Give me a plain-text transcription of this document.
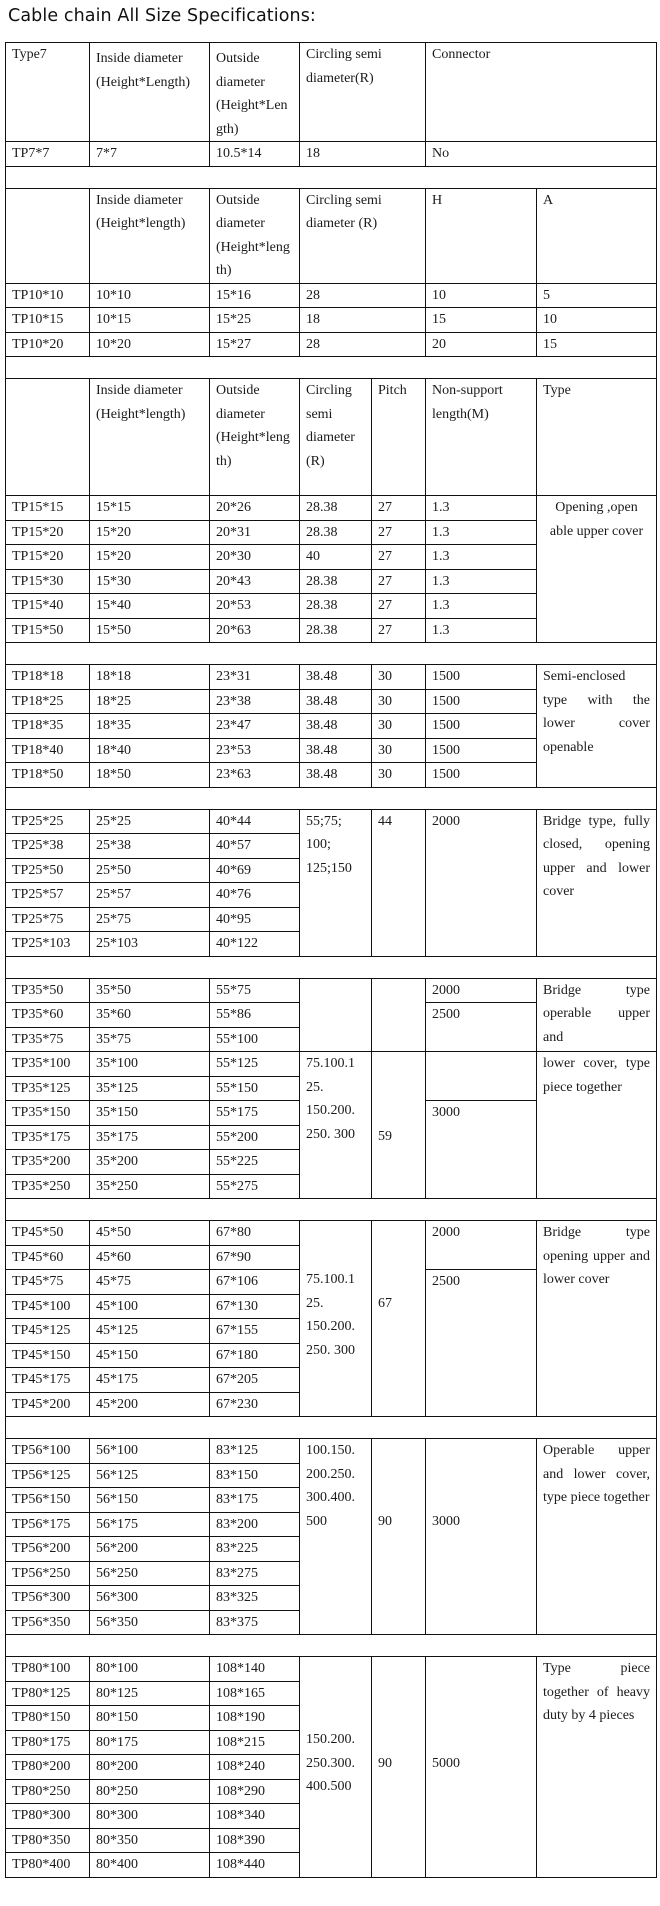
Cable chain All Size Specifications:
Type7	Inside diameter (Height*Length)	Outside diameter (Height*Length)	Circling semi diameter(R)		Connector	
TP7*7	7*7	10.5*14	18		No	

	Inside diameter (Height*length)	Outside diameter (Height*length)	Circling semi diameter (R)		H	A
TP10*10	10*10	15*16	28		10	5
TP10*15	10*15	15*25	18		15	10
TP10*20	10*20	15*27	28		20	15

	Inside diameter (Height*length)	Outside diameter (Height*length)	Circling semi diameter (R)	Pitch	Non-support length(M)	Type
TP15*15	15*15	20*26	28.38	27	1.3	Opening ,open able upper cover
TP15*20	15*20	20*31	28.38	27	1.3	
TP15*20	15*20	20*30	40	27	1.3	
TP15*30	15*30	20*43	28.38	27	1.3	
TP15*40	15*40	20*53	28.38	27	1.3	
TP15*50	15*50	20*63	28.38	27	1.3	

TP18*18	18*18	23*31	38.48	30	1500	Semi-enclosed type with the lower cover openable
TP18*25	18*25	23*38	38.48	30	1500	
TP18*35	18*35	23*47	38.48	30	1500	
TP18*40	18*40	23*53	38.48	30	1500	
TP18*50	18*50	23*63	38.48	30	1500	

TP25*25	25*25	40*44	55;75; 100; 125;150	44	2000	Bridge type, fully closed, opening upper and lower cover
TP25*38	25*38	40*57				
TP25*50	25*50	40*69				
TP25*57	25*57	40*76				
TP25*75	25*75	40*95				
TP25*103	25*103	40*122				

TP35*50	35*50	55*75			2000	Bridge type operable upper and
TP35*60	35*60	55*86			2500	
TP35*75	35*75	55*100				
TP35*100	35*100	55*125	75.100.1 25. 150.200. 250. 300	59		lower cover, type piece together
TP35*125	35*125	55*150				
TP35*150	35*150	55*175			3000	
TP35*175	35*175	55*200				
TP35*200	35*200	55*225				
TP35*250	35*250	55*275				

TP45*50	45*50	67*80	75.100.1 25. 150.200. 250. 300	67	2000	Bridge type opening upper and lower cover
TP45*60	45*60	67*90				
TP45*75	45*75	67*106			2500	
TP45*100	45*100	67*130				
TP45*125	45*125	67*155				
TP45*150	45*150	67*180				
TP45*175	45*175	67*205				
TP45*200	45*200	67*230				

TP56*100	56*100	83*125	100.150. 200.250. 300.400. 500	90	3000	Operable upper and lower cover, type piece together
TP56*125	56*125	83*150				
TP56*150	56*150	83*175				
TP56*175	56*175	83*200				
TP56*200	56*200	83*225				
TP56*250	56*250	83*275				
TP56*300	56*300	83*325				
TP56*350	56*350	83*375				

TP80*100	80*100	108*140	150.200. 250.300. 400.500	90	5000	Type piece together of heavy duty by 4 pieces
TP80*125	80*125	108*165				
TP80*150	80*150	108*190				
TP80*175	80*175	108*215				
TP80*200	80*200	108*240				
TP80*250	80*250	108*290				
TP80*300	80*300	108*340				
TP80*350	80*350	108*390				
TP80*400	80*400	108*440				
